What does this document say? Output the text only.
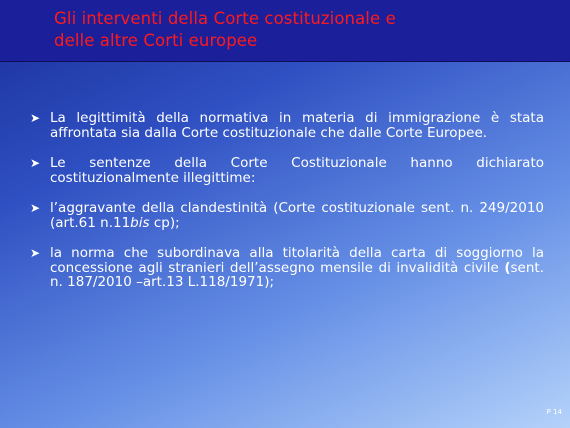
Gli interventi della Corte costituzionale e
delle altre Corti europee
➤ La legittimità della normativa in materia di immigrazione è stata affrontata sia dalla Corte costituzionale che dalle Corte Europee.
➤ Le sentenze della Corte Costituzionale hanno dichiarato costituzionalmente illegittime:
➤ l’aggravante della clandestinità (Corte costituzionale sent. n. 249/2010 (art.61 n.11bis cp);
➤ la norma che subordinava alla titolarità della carta di soggiorno la concessione agli stranieri dell’assegno mensile di invalidità civile (sent. n. 187/2010 –art.13 L.118/1971);
P 14
